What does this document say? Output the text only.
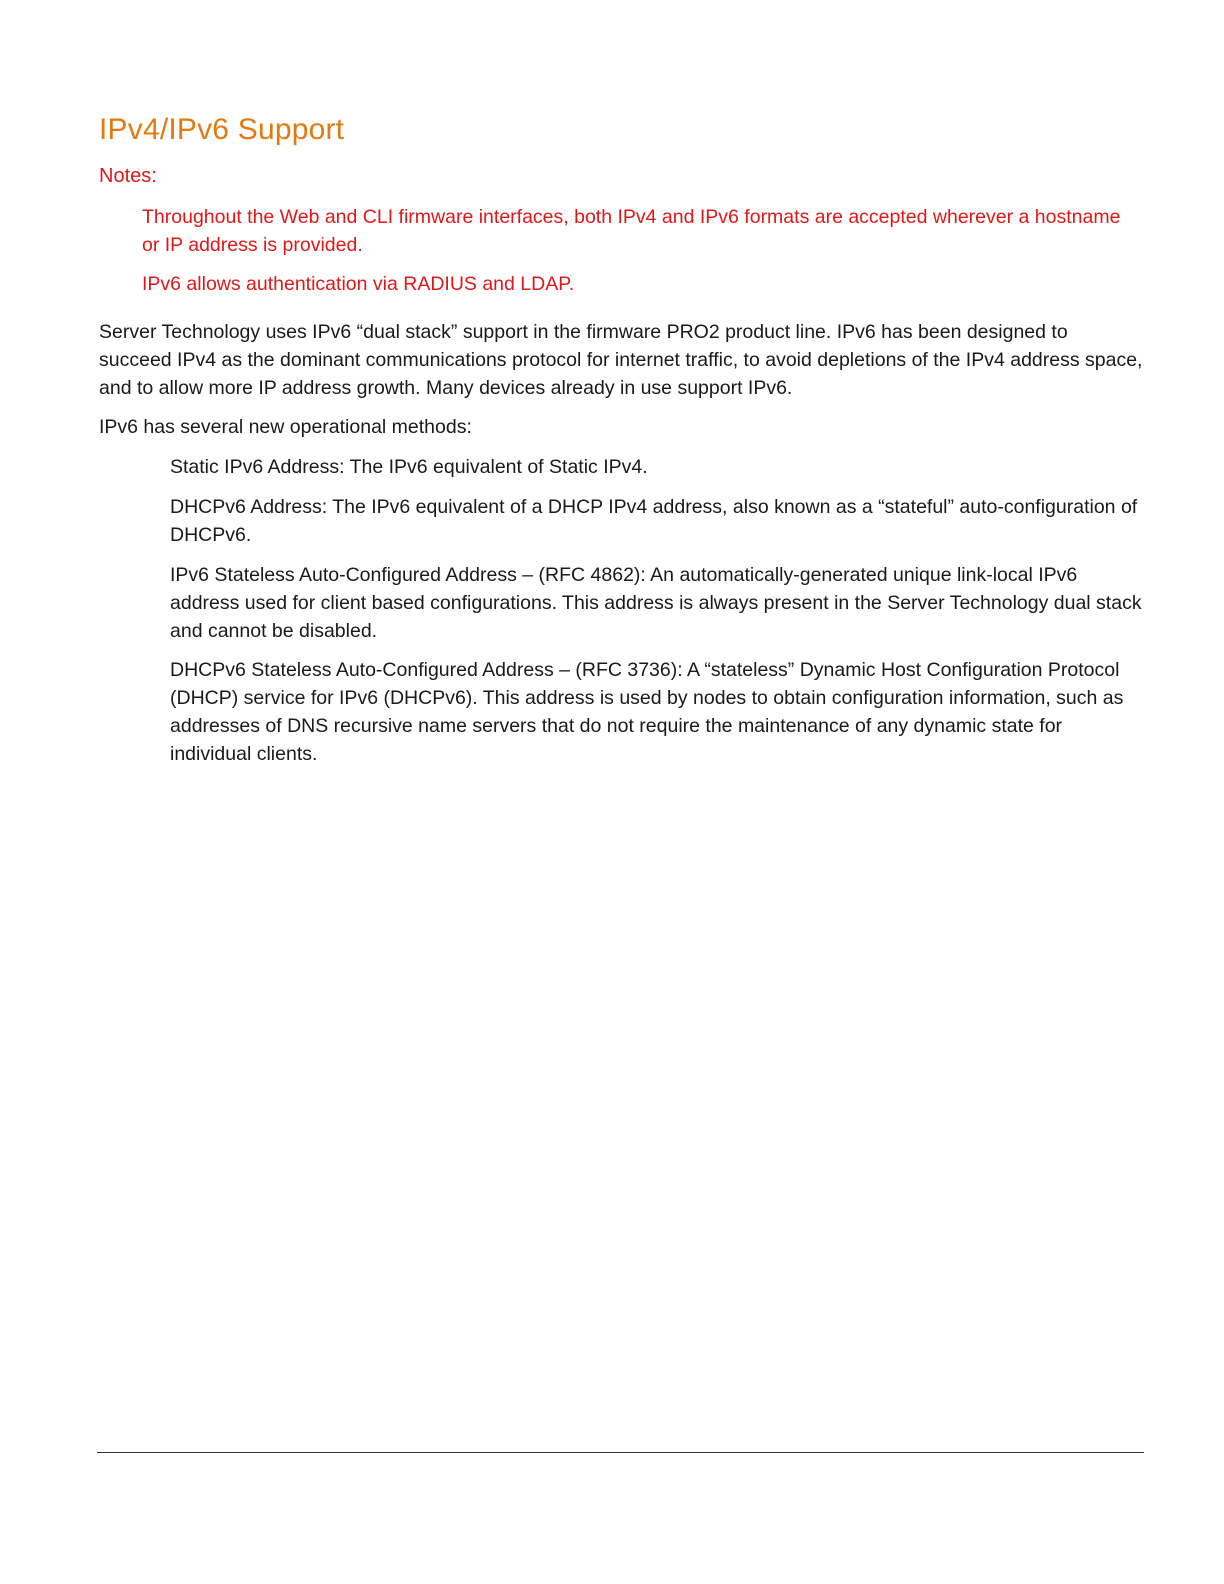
IPv4/IPv6 Support

Notes:

Throughout the Web and CLI firmware interfaces, both IPv4 and IPv6 formats are accepted wherever a hostname or IP address is provided.

IPv6 allows authentication via RADIUS and LDAP.

Server Technology uses IPv6 “dual stack” support in the firmware PRO2 product line. IPv6 has been designed to succeed IPv4 as the dominant communications protocol for internet traffic, to avoid depletions of the IPv4 address space, and to allow more IP address growth. Many devices already in use support IPv6.

IPv6 has several new operational methods:

Static IPv6 Address: The IPv6 equivalent of Static IPv4.

DHCPv6 Address: The IPv6 equivalent of a DHCP IPv4 address, also known as a “stateful” auto-configuration of DHCPv6.

IPv6 Stateless Auto-Configured Address – (RFC 4862): An automatically-generated unique link-local IPv6 address used for client based configurations. This address is always present in the Server Technology dual stack and cannot be disabled.

DHCPv6 Stateless Auto-Configured Address – (RFC 3736): A “stateless” Dynamic Host Configuration Protocol (DHCP) service for IPv6 (DHCPv6). This address is used by nodes to obtain configuration information, such as addresses of DNS recursive name servers that do not require the maintenance of any dynamic state for individual clients.
